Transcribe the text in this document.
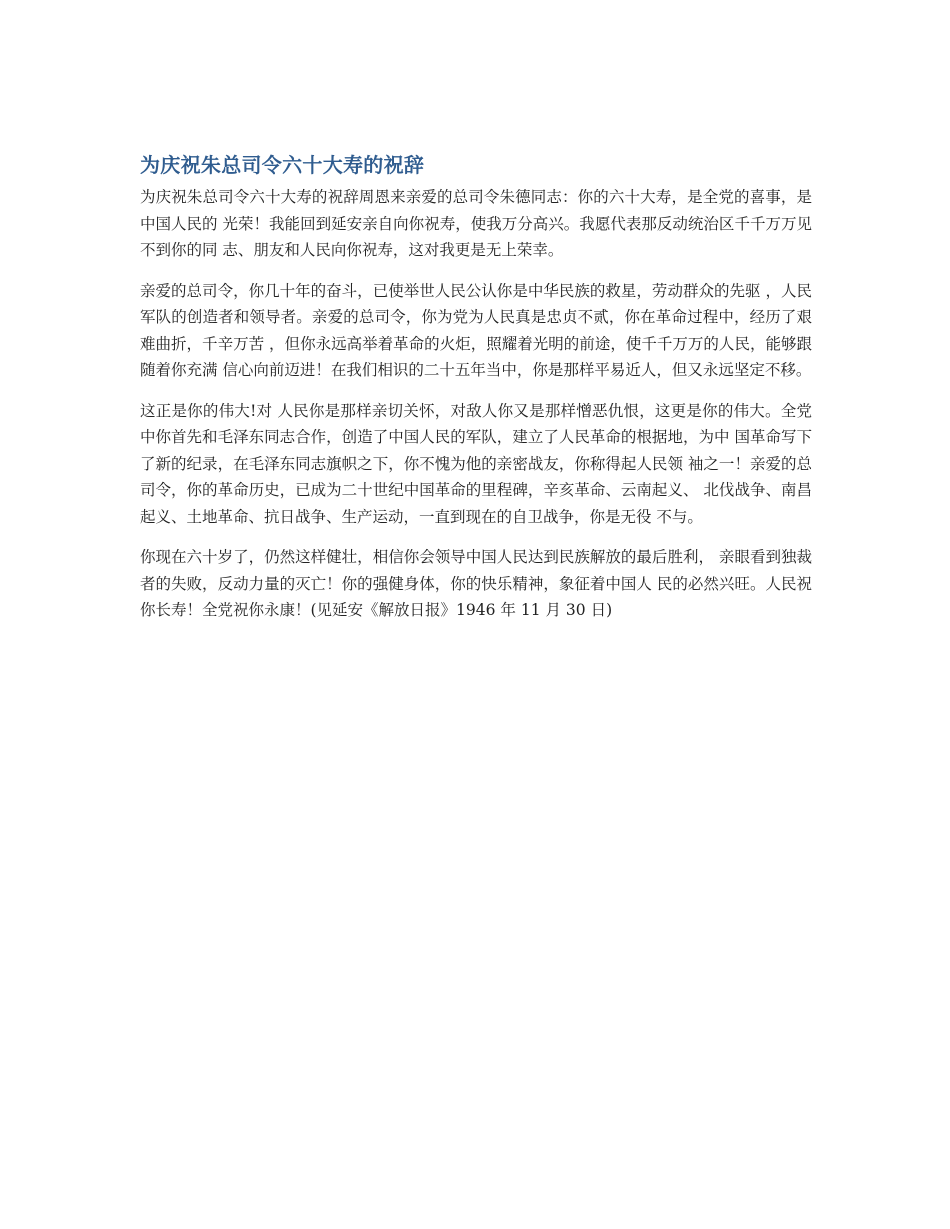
为庆祝朱总司令六十大寿的祝辞

为庆祝朱总司令六十大寿的祝辞周恩来亲爱的总司令朱德同志：你的六十大寿，是全党的喜事，是中国人民的 光荣！我能回到延安亲自向你祝寿，使我万分高兴。我愿代表那反动统治区千千万万见不到你的同 志、朋友和人民向你祝寿，这对我更是无上荣幸。

亲爱的总司令，你几十年的奋斗，已使举世人民公认你是中华民族的救星，劳动群众的先驱 ，人民军队的创造者和领导者。亲爱的总司令，你为党为人民真是忠贞不贰，你在革命过程中，经历了艰难曲折，千辛万苦 ，但你永远高举着革命的火炬，照耀着光明的前途，使千千万万的人民，能够跟随着你充满 信心向前迈进！在我们相识的二十五年当中，你是那样平易近人，但又永远坚定不移。

这正是你的伟大!对 人民你是那样亲切关怀，对敌人你又是那样憎恶仇恨，这更是你的伟大。全党中你首先和毛泽东同志合作，创造了中国人民的军队，建立了人民革命的根据地，为中 国革命写下了新的纪录，在毛泽东同志旗帜之下，你不愧为他的亲密战友，你称得起人民领 袖之一！亲爱的总司令，你的革命历史，已成为二十世纪中国革命的里程碑，辛亥革命、云南起义、 北伐战争、南昌起义、土地革命、抗日战争、生产运动，一直到现在的自卫战争，你是无役 不与。

你现在六十岁了，仍然这样健壮，相信你会领导中国人民达到民族解放的最后胜利， 亲眼看到独裁者的失败，反动力量的灭亡！你的强健身体，你的快乐精神，象征着中国人 民的必然兴旺。人民祝你长寿！全党祝你永康！(见延安《解放日报》1946 年 11 月 30 日)
